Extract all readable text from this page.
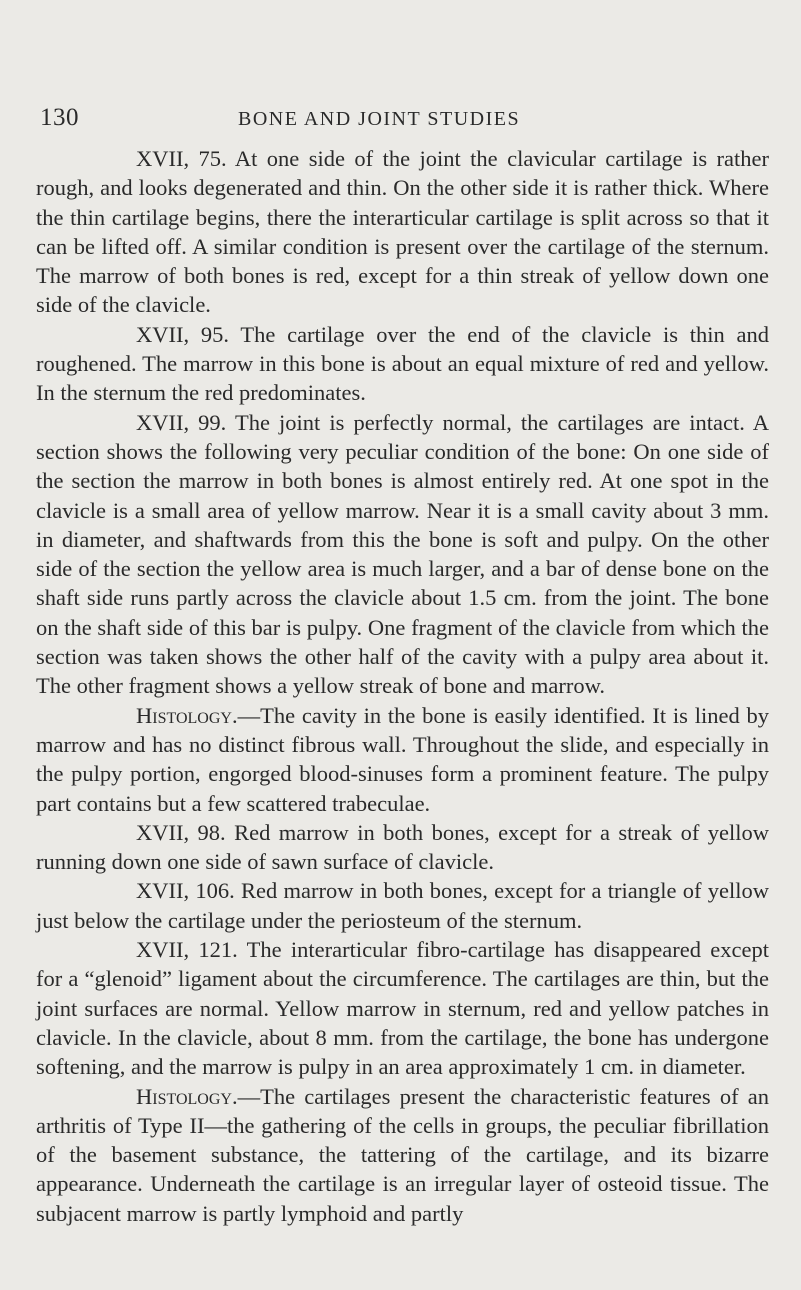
130	BONE AND JOINT STUDIES

XVII, 75. At one side of the joint the clavicular cartilage is rather rough, and looks degenerated and thin. On the other side it is rather thick. Where the thin cartilage begins, there the interarticular cartilage is split across so that it can be lifted off. A similar condition is present over the cartilage of the sternum. The marrow of both bones is red, except for a thin streak of yellow down one side of the clavicle.

XVII, 95. The cartilage over the end of the clavicle is thin and roughened. The marrow in this bone is about an equal mixture of red and yellow. In the sternum the red predominates.

XVII, 99. The joint is perfectly normal, the cartilages are intact. A section shows the following very peculiar condition of the bone: On one side of the section the marrow in both bones is almost entirely red. At one spot in the clavicle is a small area of yellow marrow. Near it is a small cavity about 3 mm. in diameter, and shaftwards from this the bone is soft and pulpy. On the other side of the section the yellow area is much larger, and a bar of dense bone on the shaft side runs partly across the clavicle about 1.5 cm. from the joint. The bone on the shaft side of this bar is pulpy. One fragment of the clavicle from which the section was taken shows the other half of the cavity with a pulpy area about it. The other fragment shows a yellow streak of bone and marrow.

Histology.—The cavity in the bone is easily identified. It is lined by marrow and has no distinct fibrous wall. Throughout the slide, and especially in the pulpy portion, engorged blood-sinuses form a prominent feature. The pulpy part contains but a few scattered trabeculae.

XVII, 98. Red marrow in both bones, except for a streak of yellow running down one side of sawn surface of clavicle.

XVII, 106. Red marrow in both bones, except for a triangle of yellow just below the cartilage under the periosteum of the sternum.

XVII, 121. The interarticular fibro-cartilage has disappeared except for a “glenoid” ligament about the circumference. The cartilages are thin, but the joint surfaces are normal. Yellow marrow in sternum, red and yellow patches in clavicle. In the clavicle, about 8 mm. from the cartilage, the bone has undergone softening, and the marrow is pulpy in an area approximately 1 cm. in diameter.

Histology.—The cartilages present the characteristic features of an arthritis of Type II—the gathering of the cells in groups, the peculiar fibrillation of the basement substance, the tattering of the cartilage, and its bizarre appearance. Underneath the cartilage is an irregular layer of osteoid tissue. The subjacent marrow is partly lymphoid and partly
